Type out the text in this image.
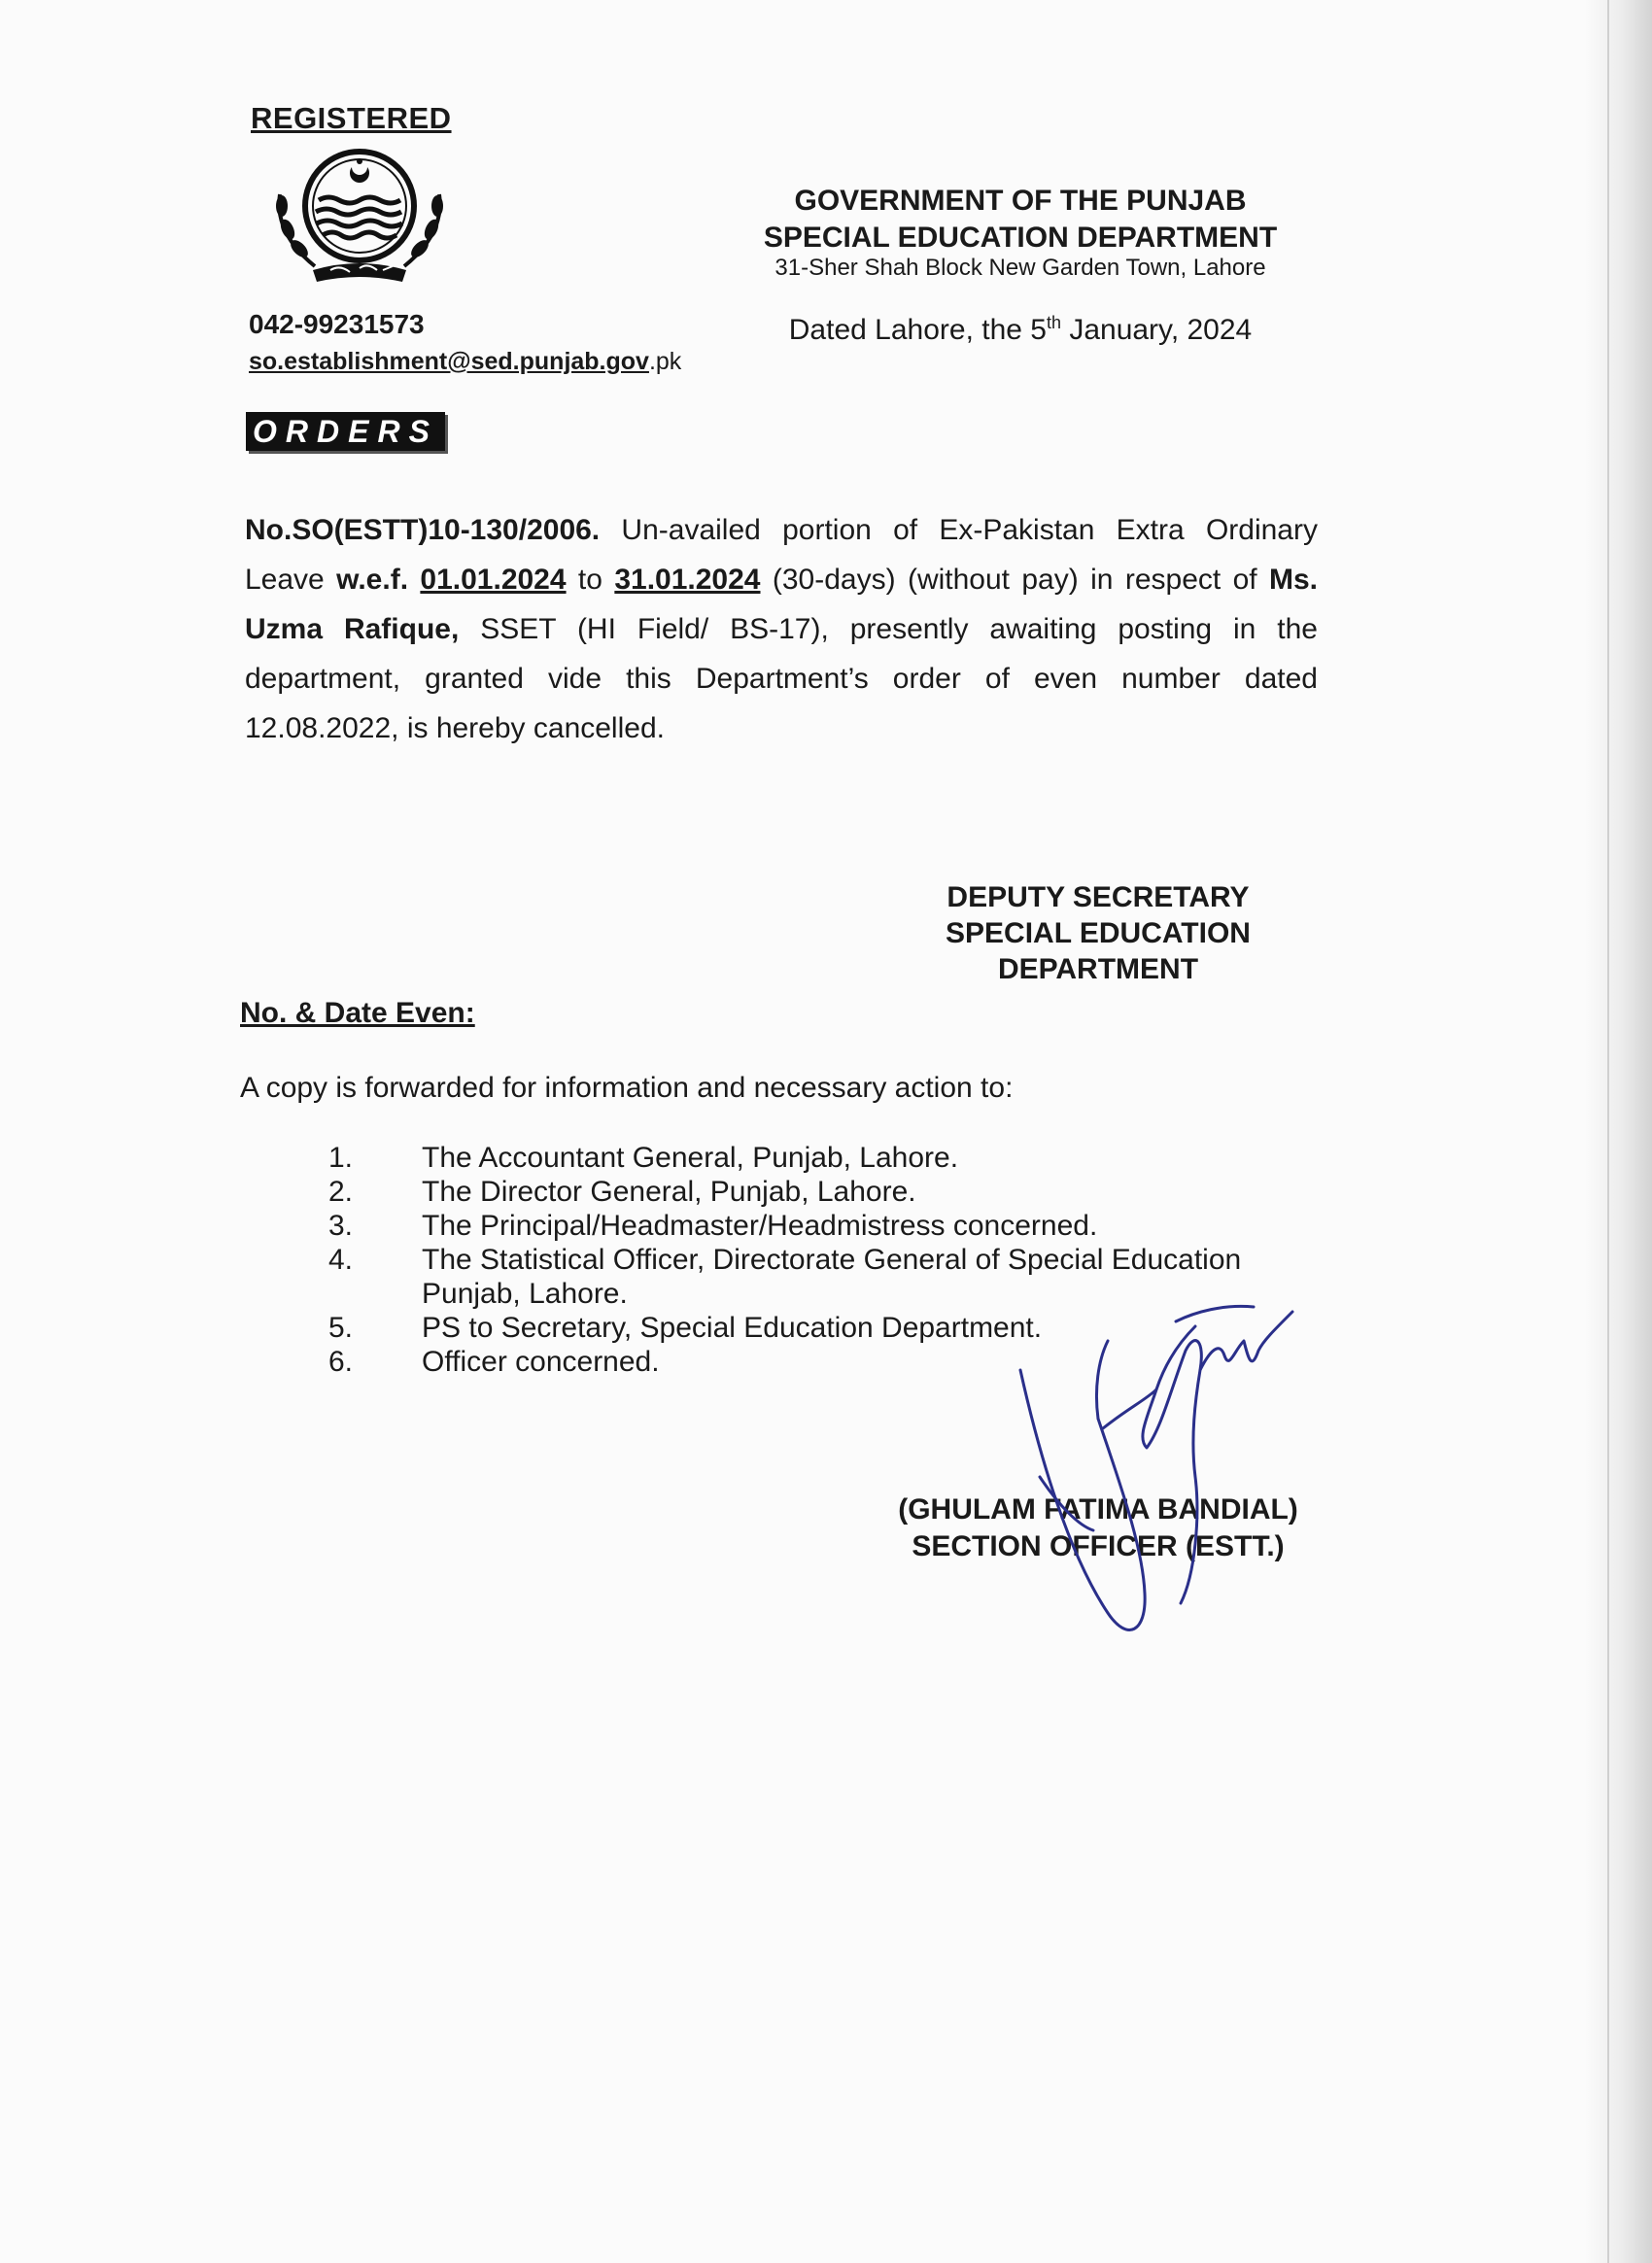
REGISTERED
042-99231573
so.establishment@sed.punjab.gov.pk
GOVERNMENT OF THE PUNJAB
SPECIAL EDUCATION DEPARTMENT
31-Sher Shah Block New Garden Town, Lahore
Dated Lahore, the 5th January, 2024
ORDERS
No.SO(ESTT)10-130/2006. Un-availed portion of Ex-Pakistan Extra Ordinary Leave w.e.f. 01.01.2024 to 31.01.2024 (30-days) (without pay) in respect of Ms. Uzma Rafique, SSET (HI Field/ BS-17), presently awaiting posting in the department, granted vide this Department’s order of even number dated 12.08.2022, is hereby cancelled.
DEPUTY SECRETARY
SPECIAL EDUCATION
DEPARTMENT
No. & Date Even:
A copy is forwarded for information and necessary action to:
1.	The Accountant General, Punjab, Lahore.
2.	The Director General, Punjab, Lahore.
3.	The Principal/Headmaster/Headmistress concerned.
4.	The Statistical Officer, Directorate General of Special Education Punjab, Lahore.
5.	PS to Secretary, Special Education Department.
6.	Officer concerned.
(GHULAM FATIMA BANDIAL)
SECTION OFFICER (ESTT.)
